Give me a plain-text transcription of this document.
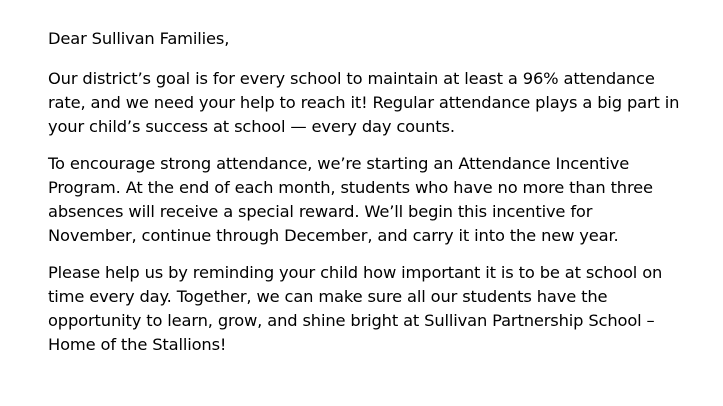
Dear Sullivan Families,
Our district’s goal is for every school to maintain at least a 96% attendance
rate, and we need your help to reach it! Regular attendance plays a big part in
your child’s success at school — every day counts.
To encourage strong attendance, we’re starting an Attendance Incentive
Program. At the end of each month, students who have no more than three
absences will receive a special reward. We’ll begin this incentive for
November, continue through December, and carry it into the new year.
Please help us by reminding your child how important it is to be at school on
time every day. Together, we can make sure all our students have the
opportunity to learn, grow, and shine bright at Sullivan Partnership School –
Home of the Stallions!
